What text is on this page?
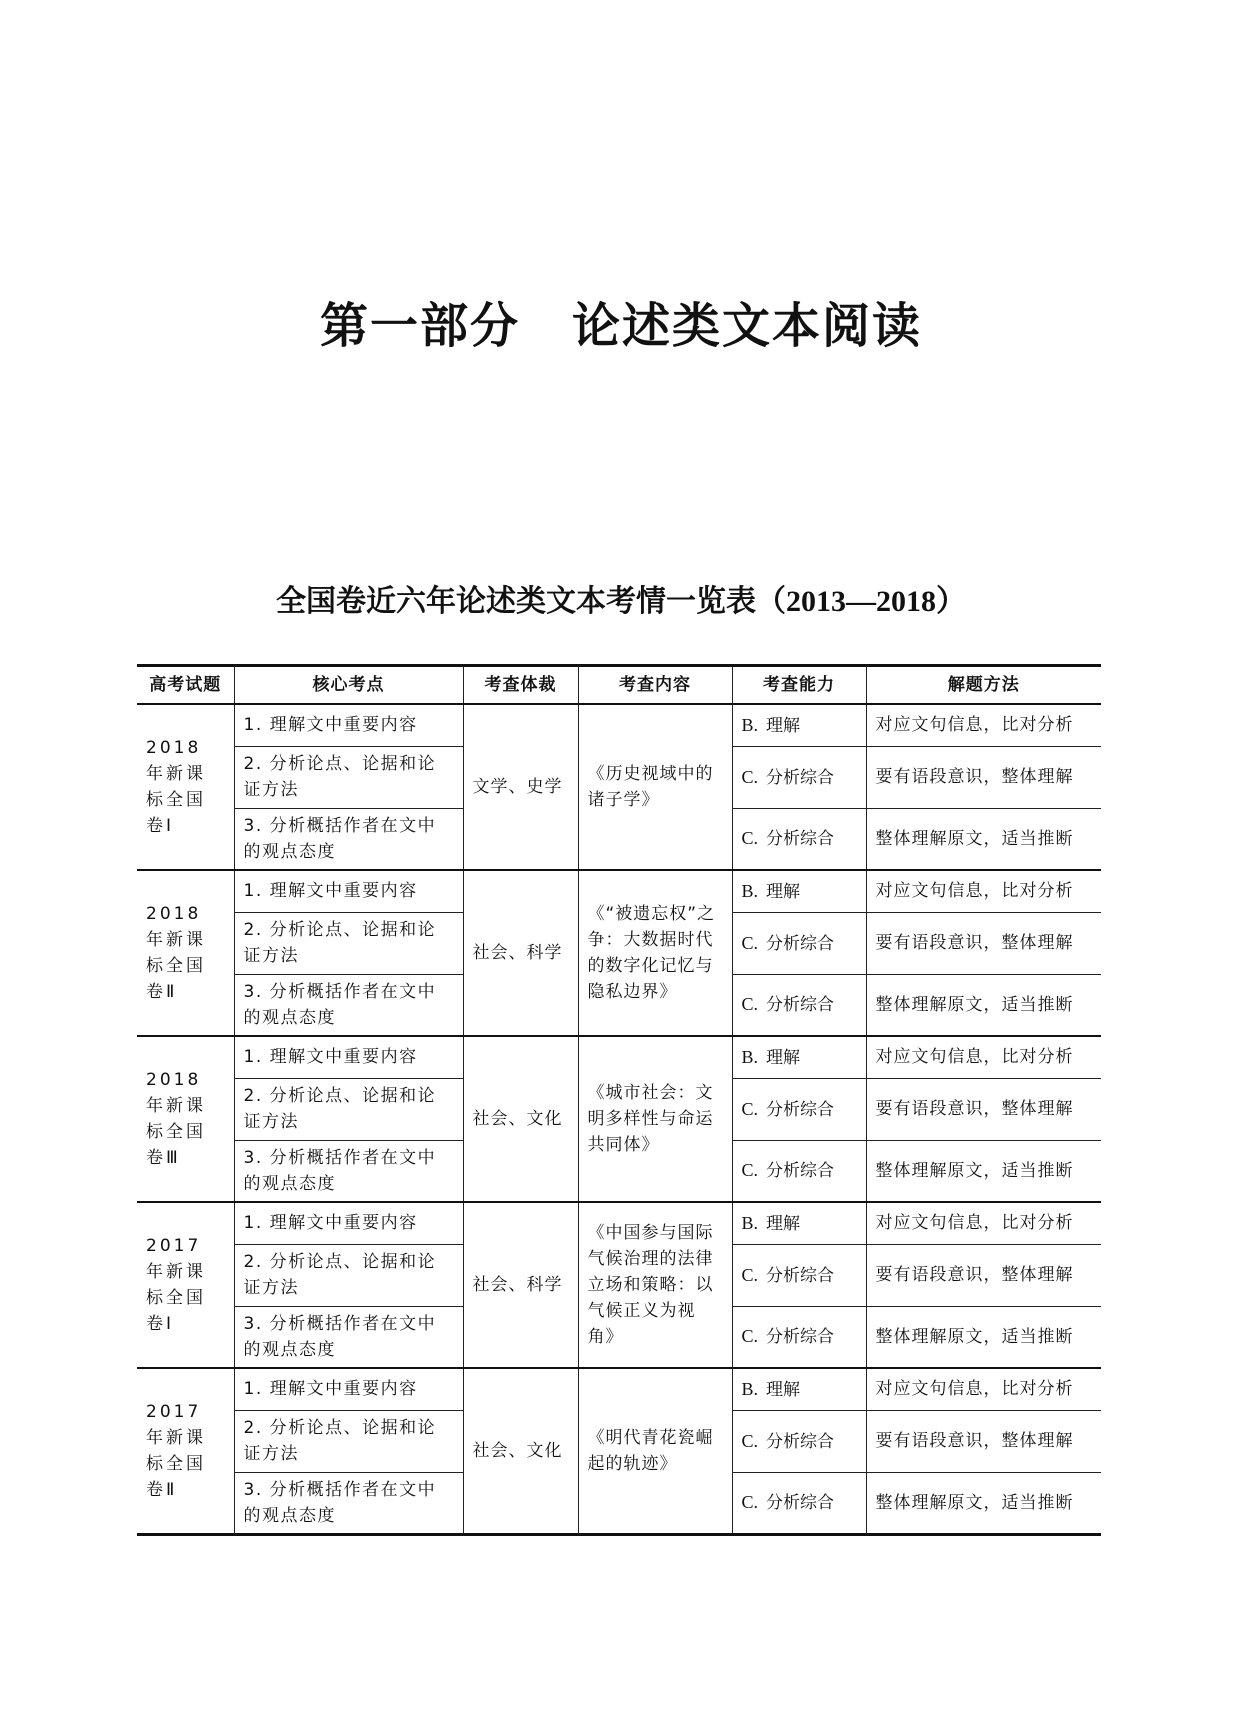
第一部分 论述类文本阅读
全国卷近六年论述类文本考情一览表（2013—2018）
高考试题	核心考点	考查体裁	考查内容	考查能力	解题方法
2018 年新课标全国卷Ⅰ	1. 理解文中重要内容	文学、史学	《历史视域中的诸子学》	B. 理解	对应文句信息，比对分析
	2. 分析论点、论据和论证方法			C. 分析综合	要有语段意识，整体理解
	3. 分析概括作者在文中的观点态度			C. 分析综合	整体理解原文，适当推断
2018 年新课标全国卷Ⅱ	1. 理解文中重要内容	社会、科学	《“被遗忘权”之争：大数据时代的数字化记忆与隐私边界》	B. 理解	对应文句信息，比对分析
	2. 分析论点、论据和论证方法			C. 分析综合	要有语段意识，整体理解
	3. 分析概括作者在文中的观点态度			C. 分析综合	整体理解原文，适当推断
2018 年新课标全国卷Ⅲ	1. 理解文中重要内容	社会、文化	《城市社会：文明多样性与命运共同体》	B. 理解	对应文句信息，比对分析
	2. 分析论点、论据和论证方法			C. 分析综合	要有语段意识，整体理解
	3. 分析概括作者在文中的观点态度			C. 分析综合	整体理解原文，适当推断
2017 年新课标全国卷Ⅰ	1. 理解文中重要内容	社会、科学	《中国参与国际气候治理的法律立场和策略：以气候正义为视角》	B. 理解	对应文句信息，比对分析
	2. 分析论点、论据和论证方法			C. 分析综合	要有语段意识，整体理解
	3. 分析概括作者在文中的观点态度			C. 分析综合	整体理解原文，适当推断
2017 年新课标全国卷Ⅱ	1. 理解文中重要内容	社会、文化	《明代青花瓷崛起的轨迹》	B. 理解	对应文句信息，比对分析
	2. 分析论点、论据和论证方法			C. 分析综合	要有语段意识，整体理解
	3. 分析概括作者在文中的观点态度			C. 分析综合	整体理解原文，适当推断
